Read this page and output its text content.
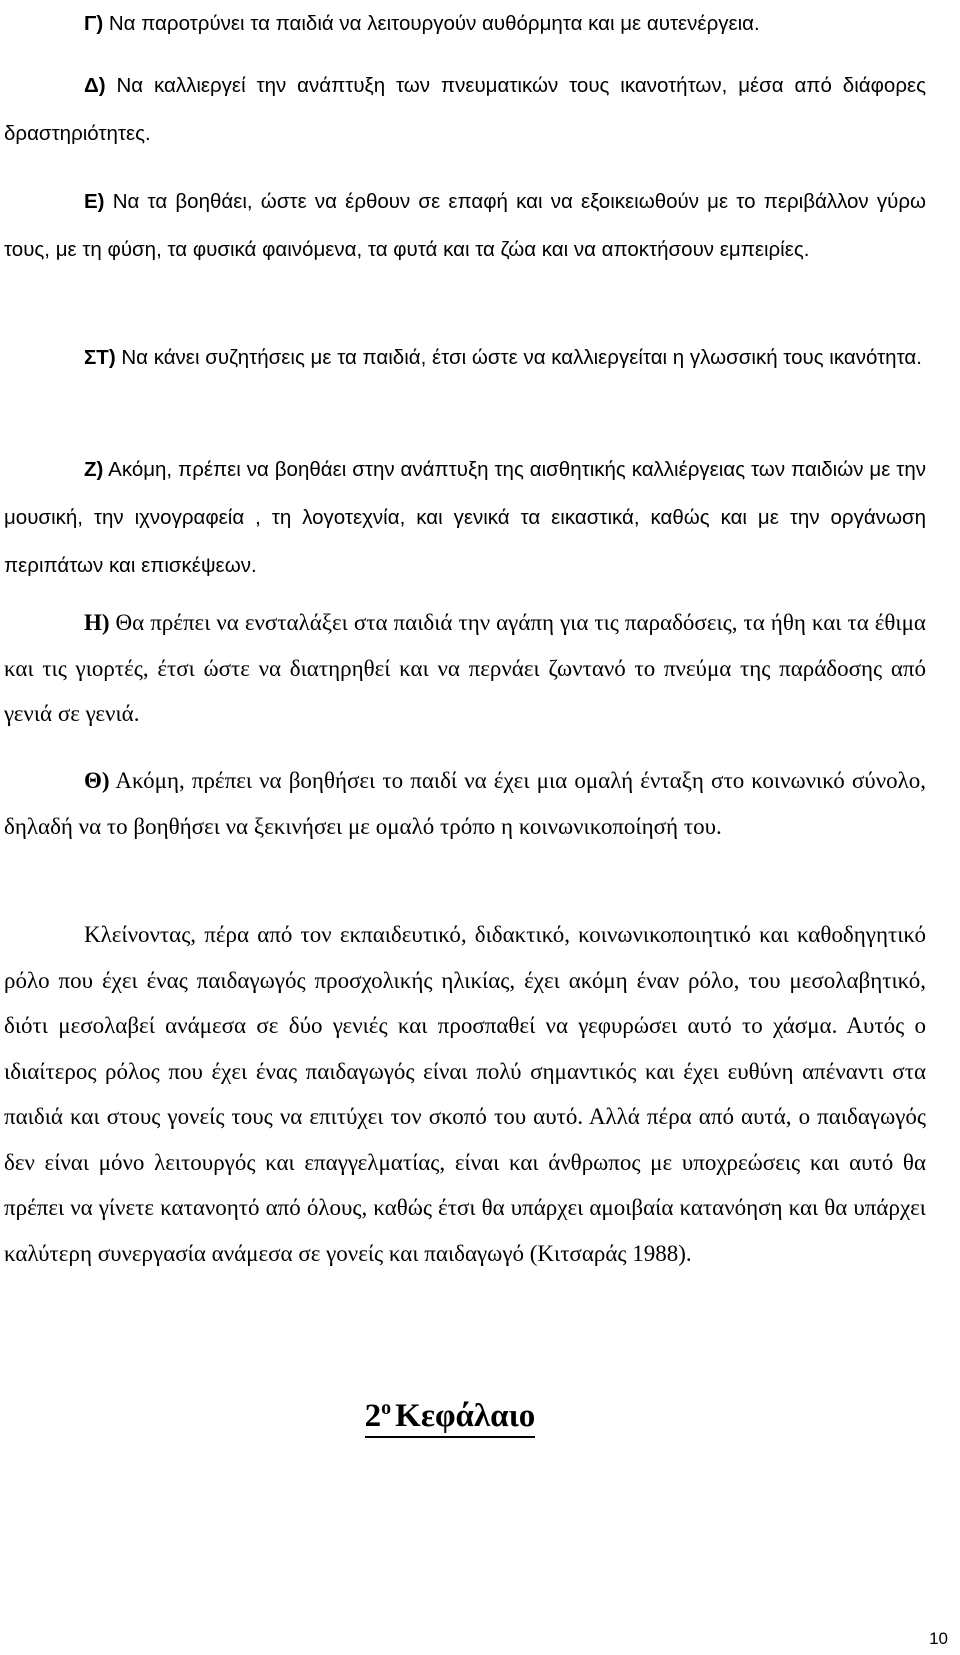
Γ) Να παροτρύνει τα παιδιά να λειτουργούν αυθόρμητα και με αυτενέργεια.

Δ) Να καλλιεργεί την ανάπτυξη των πνευματικών τους ικανοτήτων, μέσα από διάφορες δραστηριότητες.

Ε) Να τα βοηθάει, ώστε να έρθουν σε επαφή και να εξοικειωθούν με το περιβάλλον γύρω τους, με τη φύση, τα φυσικά φαινόμενα, τα φυτά και τα ζώα και να αποκτήσουν εμπειρίες.

ΣΤ) Να κάνει συζητήσεις με τα παιδιά, έτσι ώστε να καλλιεργείται η γλωσσική τους ικανότητα.

Ζ) Ακόμη, πρέπει να βοηθάει στην ανάπτυξη της αισθητικής καλλιέργειας των παιδιών με την μουσική, την ιχνογραφεία , τη λογοτεχνία, και γενικά τα εικαστικά, καθώς και με την οργάνωση περιπάτων και επισκέψεων.

Η) Θα πρέπει να ενσταλάξει στα παιδιά την αγάπη για τις παραδόσεις, τα ήθη και τα έθιμα και τις γιορτές, έτσι ώστε να διατηρηθεί και να περνάει ζωντανό το πνεύμα της παράδοσης από γενιά σε γενιά.

Θ) Ακόμη, πρέπει να βοηθήσει το παιδί να έχει μια ομαλή ένταξη στο κοινωνικό σύνολο, δηλαδή να το βοηθήσει να ξεκινήσει με ομαλό τρόπο η κοινωνικοποίησή του.

Κλείνοντας, πέρα από τον εκπαιδευτικό, διδακτικό, κοινωνικοποιητικό και καθοδηγητικό ρόλο που έχει ένας παιδαγωγός προσχολικής ηλικίας, έχει ακόμη έναν ρόλο, του μεσολαβητικό, διότι μεσολαβεί ανάμεσα σε δύο γενιές και προσπαθεί να γεφυρώσει αυτό το χάσμα. Αυτός ο ιδιαίτερος ρόλος που έχει ένας παιδαγωγός είναι πολύ σημαντικός και έχει ευθύνη απέναντι στα παιδιά και στους γονείς τους να επιτύχει τον σκοπό του αυτό. Αλλά πέρα από αυτά, ο παιδαγωγός δεν είναι μόνο λειτουργός και επαγγελματίας, είναι και άνθρωπος με υποχρεώσεις και αυτό θα πρέπει να γίνετε κατανοητό από όλους, καθώς έτσι θα υπάρχει αμοιβαία κατανόηση και θα υπάρχει καλύτερη συνεργασία ανάμεσα σε γονείς και παιδαγωγό (Κιτσαράς 1988).

$2^o$ Κεφάλαιο
10
